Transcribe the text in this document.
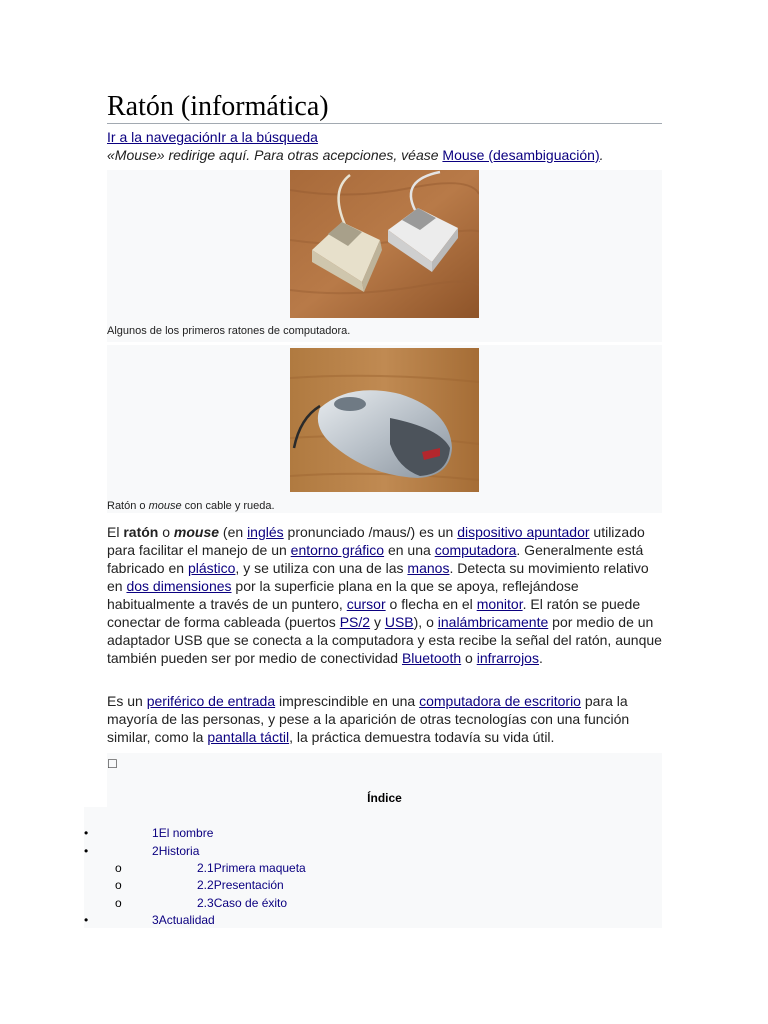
Ratón (informática)
Ir a la navegaciónIr a la búsqueda
«Mouse» redirige aquí. Para otras acepciones, véase Mouse (desambiguación).
Algunos de los primeros ratones de computadora.
Ratón o mouse con cable y rueda.

El ratón o mouse (en inglés pronunciado /maus/) es un dispositivo apuntador utilizado para facilitar el manejo de un entorno gráfico en una computadora. Generalmente está fabricado en plástico, y se utiliza con una de las manos. Detecta su movimiento relativo en dos dimensiones por la superficie plana en la que se apoya, reflejándose habitualmente a través de un puntero, cursor o flecha en el monitor. El ratón se puede conectar de forma cableada (puertos PS/2 y USB), o inalámbricamente por medio de un adaptador USB que se conecta a la computadora y esta recibe la señal del ratón, aunque también pueden ser por medio de conectividad Bluetooth o infrarrojos.

Es un periférico de entrada imprescindible en una computadora de escritorio para la mayoría de las personas, y pese a la aparición de otras tecnologías con una función similar, como la pantalla táctil, la práctica demuestra todavía su vida útil.

☐
Índice
•	1El nombre
•	2Historia
o	2.1Primera maqueta
o	2.2Presentación
o	2.3Caso de éxito
•	3Actualidad
